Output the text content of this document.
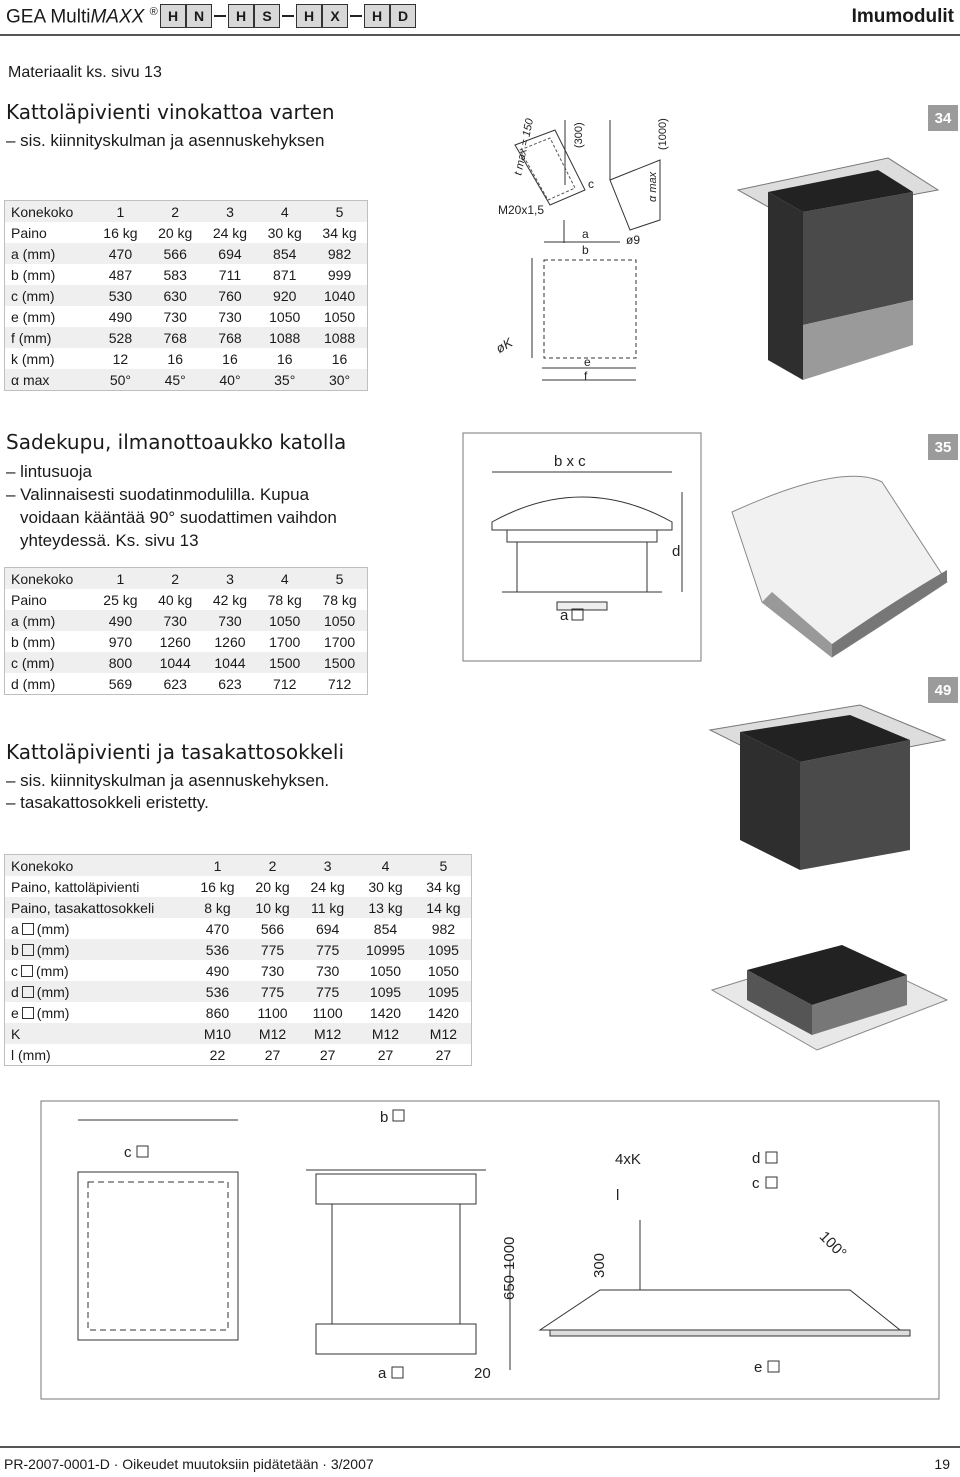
GEA MultiMAXX ® H	N	H	S	H	X	H	D	Imumodulit
Materiaalit ks. sivu 13
Kattoläpivienti vinokattoa varten
– sis. kiinnityskulman ja asennuskehyksen
34
Konekoko	1	2	3	4	5
Paino	16 kg	20 kg	24 kg	30 kg	34 kg
a (mm)	470	566	694	854	982
b (mm)	487	583	711	871	999
c (mm)	530	630	760	920	1040
e (mm)	490	730	730	1050	1050
f (mm)	528	768	768	1088	1088
k (mm)	12	16	16	16	16
α max	50°	45°	40°	35°	30°
t max = 150	(300)	(1000)
α max
c
M20x1,5
a
b
ø9
øK
e
f
Sadekupu, ilmanottoaukko katolla
– lintusuoja
– Valinnaisesti suodatinmodulilla. Kupua
voidaan kääntää 90° suodattimen vaihdon
yhteydessä. Ks. sivu 13
35
Konekoko	1	2	3	4	5
Paino	25 kg	40 kg	42 kg	78 kg	78 kg
a (mm)	490	730	730	1050	1050
b (mm)	970	1260	1260	1700	1700
c (mm)	800	1044	1044	1500	1500
d (mm)	569	623	623	712	712
b x c
d
a
49
Kattoläpivienti ja tasakattosokkeli
– sis. kiinnityskulman ja asennuskehyksen.
– tasakattosokkeli eristetty.
Konekoko	1	2	3	4	5
Paino, kattoläpivienti	16 kg	20 kg	24 kg	30 kg	34 kg
Paino, tasakattosokkeli	8 kg	10 kg	11 kg	13 kg	14 kg
a (mm)	470	566	694	854	982
b (mm)	536	775	775	10995	1095
c (mm)	490	730	730	1050	1050
d (mm)	536	775	775	1095	1095
e (mm)	860	1100	1100	1420	1420
K	M10	M12	M12	M12	M12
l (mm)	22	27	27	27	27
b
c	4xK	d
c
l
650-1000	300
100°
e
a	20
PR-2007-0001-D · Oikeudet muutoksiin pidätetään · 3/2007	19
